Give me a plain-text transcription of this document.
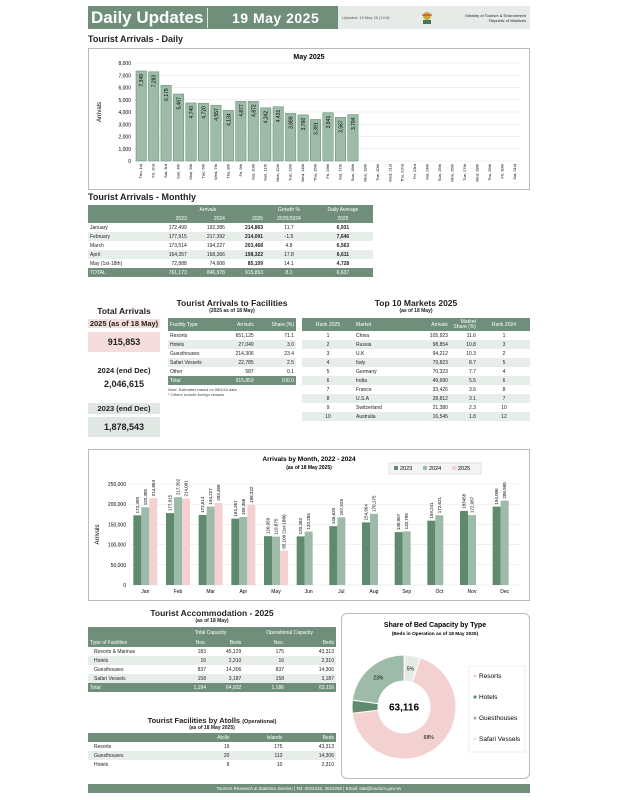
Daily Updates	19 May 2025	Updated: 19 May 25 (10:8)	Ministry of Tourism & Environment
Republic of Maldives
Tourist Arrivals - Daily
May 2025
Arrivals
0
1,000
2,000
3,000
4,000
5,000
6,000
7,000
8,000
7,349
Thu, 1st
7,283
Fri, 2nd
6,179
Sat, 3rd
5,467
Sun, 4th
4,740
Mon, 5th
4,720
Tue, 6th
4,557
Wed, 7th
4,134
Thu, 8th
4,877
Fri, 9th
4,872
Sat, 10th
4,342
Sun, 11th
4,431
Mon, 12th
3,888
Tue, 13th
3,766
Wed, 14th
3,391
Thu, 15th
3,941
Fri, 16th
3,567
Sat, 17th
3,794
Sun, 18th Mon, 19th Tue, 20th Wed, 21st Thu, 22nd Fri, 23rd Sat, 24th Sun, 25th Mon, 26th Tue, 27th Wed, 28th Thu, 29th Fri, 30th Sat, 31st
Tourist Arrivals - Monthly
	Arrivals			Growth %	Daily Average
	2023	2024	2025	2025/2024	2025
January	172,499	192,385	214,863	11.7	6,931
February	177,915	217,392	214,091	-1.5	7,646
March	173,514	194,227	203,468	4.8	6,563
April	164,357	168,366	198,322	17.8	6,611
May (1st-18th)	72,888	74,608	85,109	14.1	4,728
TOTAL	761,173	846,978	915,853	8.1	6,637
Total Arrivals
2025 (as of 18 May)
915,853
2024 (end Dec)
2,046,615
2023 (end Dec)
1,878,543
Tourist Arrivals to Facilities
(2025 as of 18 May)
Facility Type	Arrivals	Share (%)
Resorts	651,125	71.1
Hotels	27,049	3.0
Guesthouses	214,306	23.4
Safari Vessels	22,785	2.5
Other	587	0.1
Total	915,853	100.0
Note: Estimates based on IMUGA data
* Others include foreign vessels
Top 10 Markets 2025
(as of 18 May)
Rank 2025	Market	Arrivals	Market Share (%)	Rank 2024
1	China	105,923	11.6	1
2	Russia	98,854	10.8	3
3	U.K	94,212	10.3	2
4	Italy	79,823	8.7	5
5	Germany	70,323	7.7	4
6	India	49,990	5.5	6
7	France	33,426	3.6	8
8	U.S.A	28,812	3.1	7
9	Switzerland	21,380	2.3	10
10	Australia	16,545	1.8	12
Arrivals by Month, 2022 - 2024
(as of 18 May 2025)	2023	2024	2025
Arrivals
0
50,000
100,000
150,000
200,000
250,000
172,499 192,385
214,863
Jan
177,915
217,392 214,091
Feb
173,514
194,227 203,468
Mar
164,357 168,366
198,322
Apr
120,959 119,875 85,109 (1st-18th)
May
120,363 132,284
Jun
145,620
167,528
Jul
154,954
176,175
Aug
130,967 132,795
Sep
159,241 172,621
Oct
183458 172,987
Nov
194,006 208,980
Dec
Tourist Accommodation - 2025
(as of 18 May)
	Total Capacity		Operational Capacity	
Type of Facilities	Nos.	Beds	Nos.	Beds
Resorts & Marinas	183	45,129	175	43,313
Hotels	16	2,310	16	2,310
Guesthouses	837	14,306	837	14,306
Safari Vessels	158	3,187	158	3,187
Total	1,194	64,932	1,186	63,116
Tourist Facilities by Atolls (Operational)
(as of 18 May 2025)
	Atolls	Islands	Beds
Resorts	19	175	43,313
Guesthouses	20	113	14,306
Hotels	8	10	2,310
Share of Bed Capacity by Type
(Beds in Operation as of 18 May 2025)
68%
23%
5%
63,116
Resorts
Hotels
Guesthouses
Safari Vessels
Tourism Research & Statistics Section | Tel: 3022226, 3022250 | Email: stat@tourism.gov.mv
